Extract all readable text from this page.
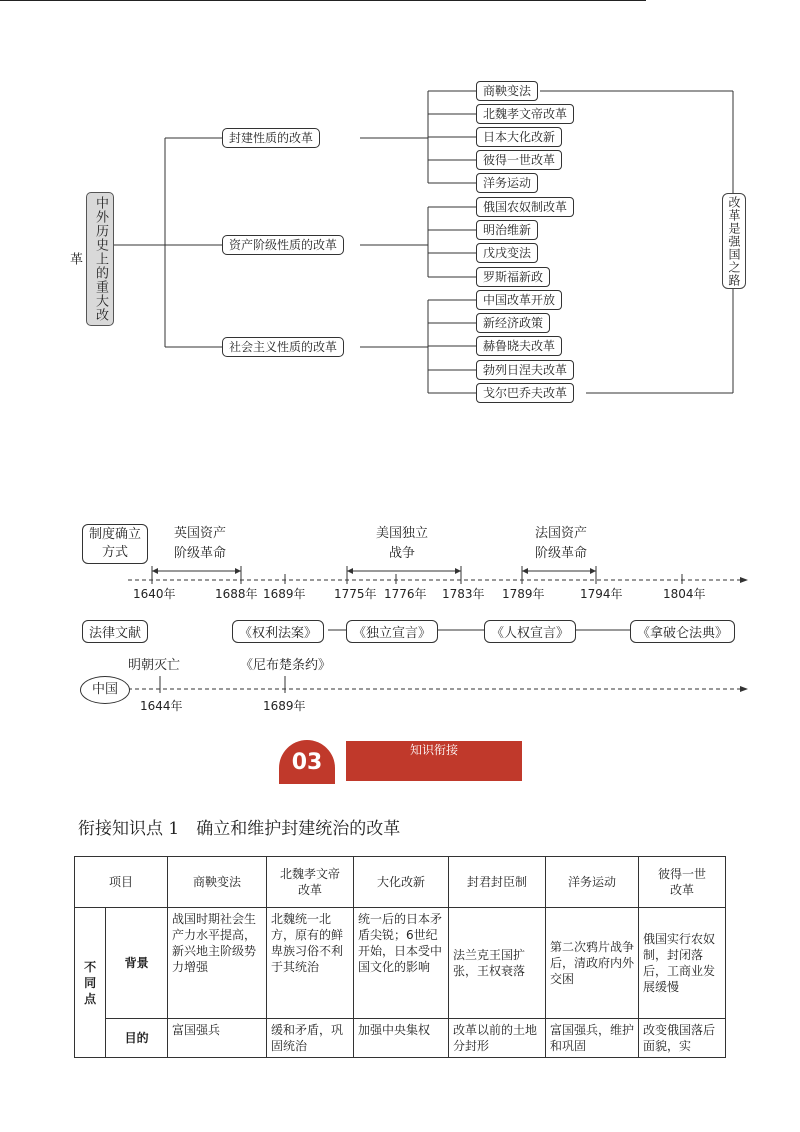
中外历史上的重大改革	改革是强国之路
封建性质的改革
资产阶级性质的改革
社会主义性质的改革
商鞅变法
北魏孝文帝改革
日本大化改新
彼得一世改革
洋务运动
俄国农奴制改革
明治维新
戊戌变法
罗斯福新政
中国改革开放
新经济政策
赫鲁晓夫改革
勃列日涅夫改革
戈尔巴乔夫改革
制度确立
方式
英国资产
阶级革命
美国独立
战争
法国资产
阶级革命
1640年	1688年 1689年 1775年 1776年 1783年 1789年	1794年	1804年
法律文献	《权利法案》	《独立宣言》	《人权宣言》	《拿破仑法典》
明朝灭亡	《尼布楚条约》
中国
1644年	1689年
03	知识衔接
衔接知识点 1　确立和维护封建统治的改革
项目		商鞅变法	北魏孝文帝改革	大化改新	封君封臣制	洋务运动	彼得一世改革

不同点	背景	战国时期社会生产力水平提高，新兴地主阶级势力增强	北魏统一北方，原有的鲜卑族习俗不利于其统治	统一后的日本矛盾尖锐；6世纪开始，日本受中国文化的影响	法兰克王国扩张，王权衰落	第二次鸦片战争后，清政府内外交困	俄国实行农奴制，封闭落后，工商业发展缓慢
	目的	富国强兵	缓和矛盾，巩固统治	加强中央集权	改革以前的土地分封形	富国强兵，维护和巩固	改变俄国落后面貌，实
